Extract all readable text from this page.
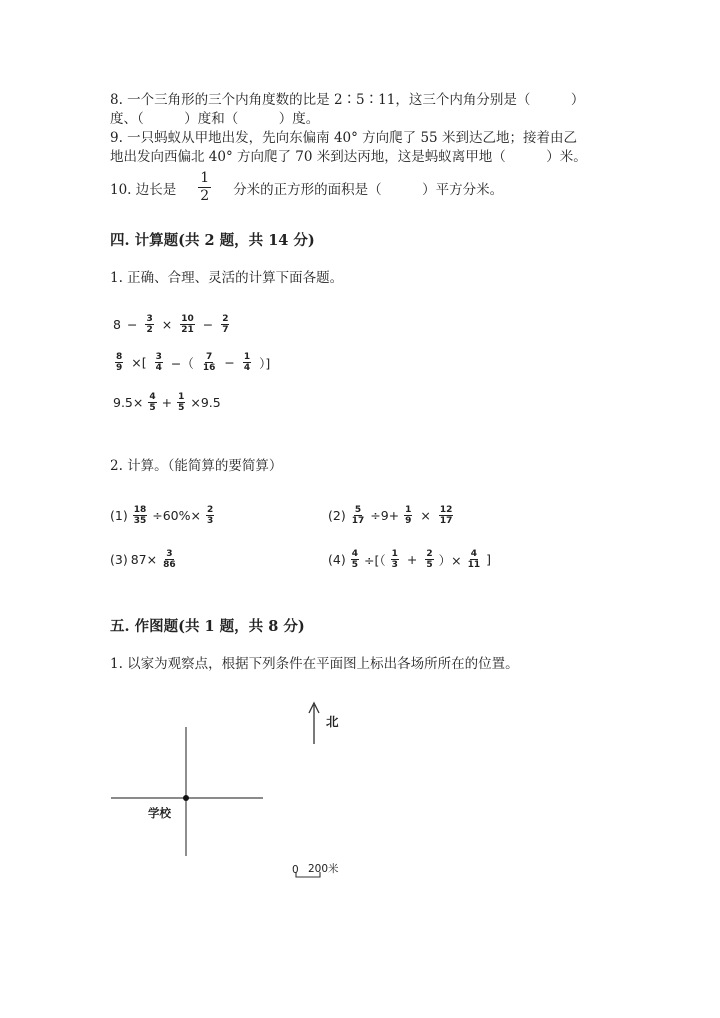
8. 一个三角形的三个内角度数的比是 2∶5∶11，这三个内角分别是（　　　）
度、（　　　）度和（　　　）度。
9. 一只蚂蚁从甲地出发，先向东偏南 40° 方向爬了 55 米到达乙地；接着由乙
地出发向西偏北 40° 方向爬了 70 米到达丙地，这是蚂蚁离甲地（　　　）米。
10. 边长是 $\frac{1}{2}$ 分米的正方形的面积是（　　　）平方分米。
四. 计算题(共 2 题，共 14 分)
1. 正确、合理、灵活的计算下面各题。
$8 - \frac{3}{2} \times \frac{10}{21} - \frac{2}{7}$
$\frac{8}{9}$ ×[ $\frac{3}{4}$ −（ $\frac{7}{16} - \frac{1}{4}$ ）]
$9.5\times \frac{4}{5} + \frac{1}{5} \times 9.5$
2. 计算。（能简算的要简算）
$(1) \frac{18}{35} \div 60\%\times \frac{2}{3}$	$(2) \frac{5}{17} \div 9+ \frac{1}{9} \times \frac{12}{17}$
(3) $87\times \frac{3}{86}$	$(4) \frac{4}{5}$ ÷[（ $\frac{1}{3} + \frac{2}{5}$ ）× $\frac{4}{11}$ ]
五. 作图题(共 1 题，共 8 分)
1. 以家为观察点，根据下列条件在平面图上标出各场所所在的位置。
北
学校
0 200米
